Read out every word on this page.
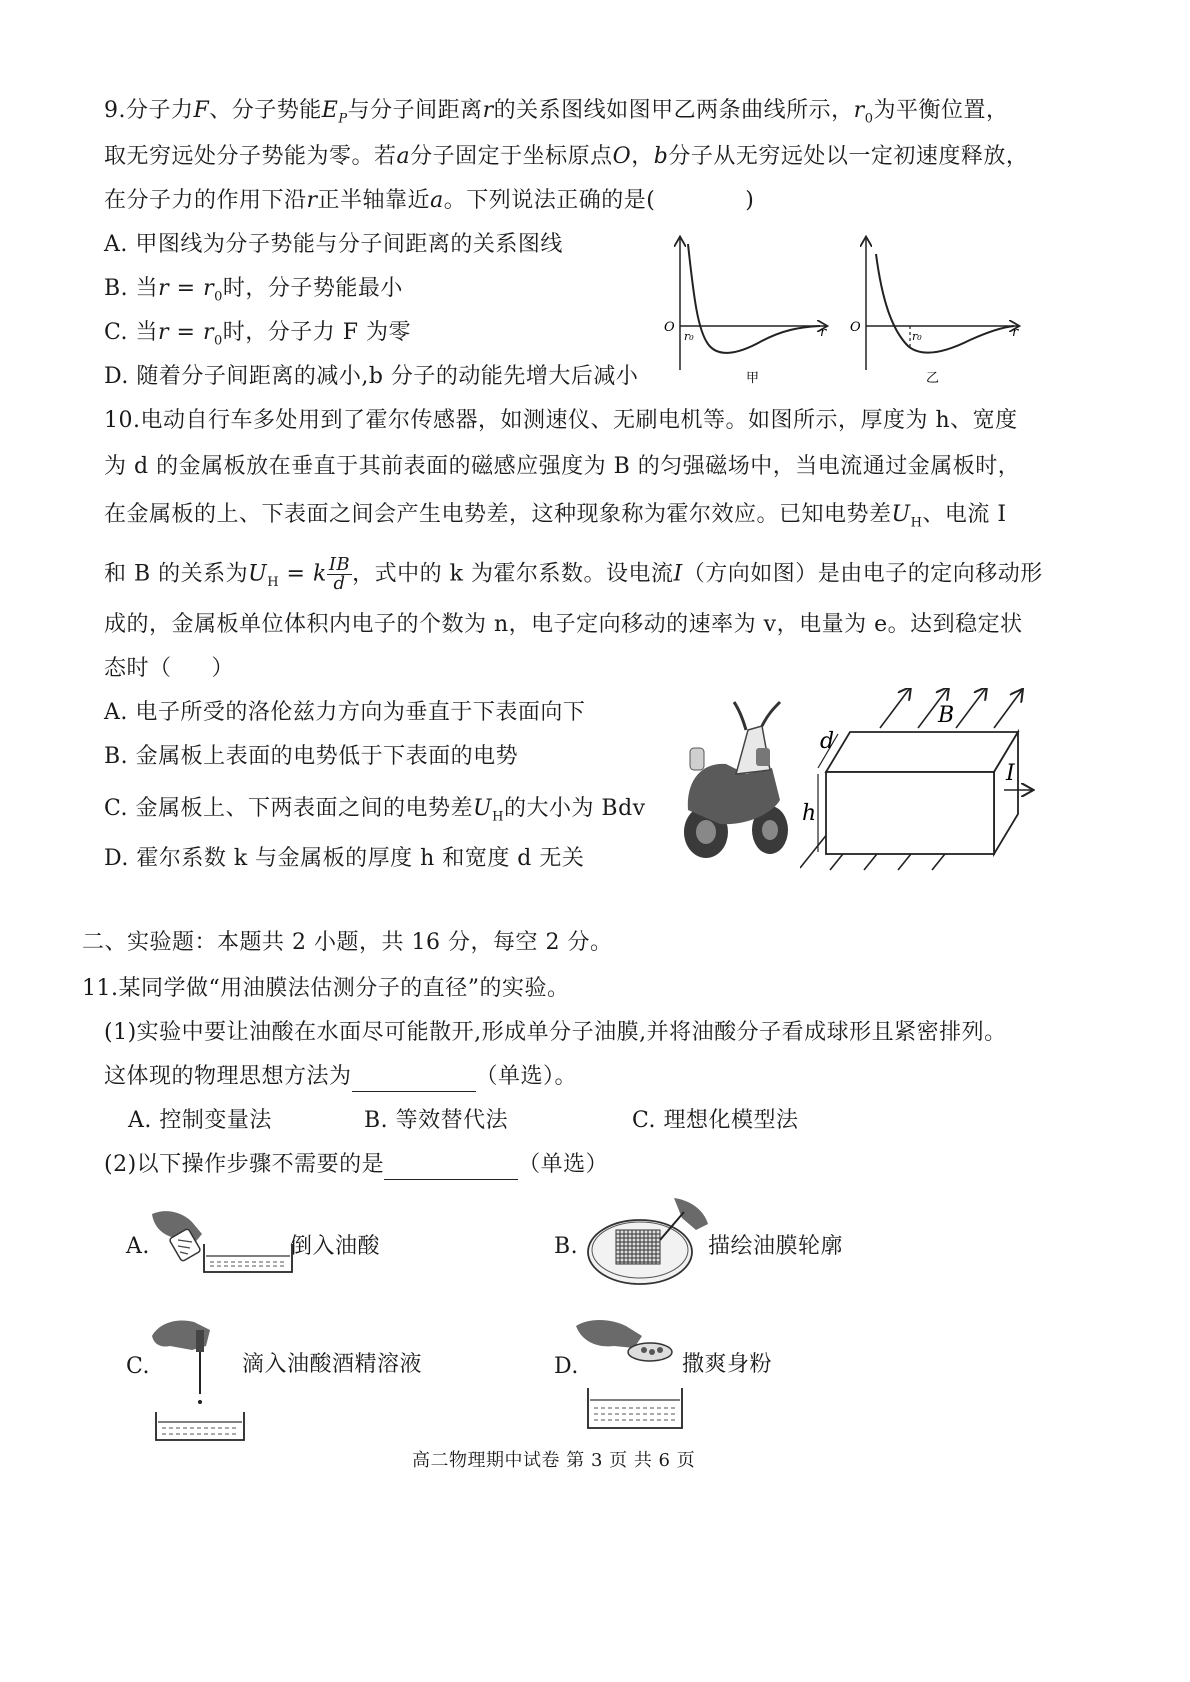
9.分子力F、分子势能$E_P$与分子间距离r的关系图线如图甲乙两条曲线所示，$r_0$为平衡位置，
取无穷远处分子势能为零。若a分子固定于坐标原点O，b分子从无穷远处以一定初速度释放，
在分子力的作用下沿r正半轴靠近a。下列说法正确的是(	)
A. 甲图线为分子势能与分子间距离的关系图线
B. 当$r = r_0$时，分子势能最小
C. 当$r = r_0$时，分子力 F 为零
D. 随着分子间距离的减小,b 分子的动能先增大后减小
O	r
r₀
甲
O	r
r₀
乙
10.电动自行车多处用到了霍尔传感器，如测速仪、无刷电机等。如图所示，厚度为 h、宽度
为 d 的金属板放在垂直于其前表面的磁感应强度为 B 的匀强磁场中，当电流通过金属板时，
在金属板的上、下表面之间会产生电势差，这种现象称为霍尔效应。已知电势差$U_H$、电流 I
和 B 的关系为$U_H = k \frac{IB}{d}$ ，式中的 k 为霍尔系数。设电流I（方向如图）是由电子的定向移动形
成的，金属板单位体积内电子的个数为 n，电子定向移动的速率为 v，电量为 e。达到稳定状
态时（ ）
A. 电子所受的洛伦兹力方向为垂直于下表面向下
B. 金属板上表面的电势低于下表面的电势
C. 金属板上、下两表面之间的电势差$U_H$的大小为 Bdv
D. 霍尔系数 k 与金属板的厚度 h 和宽度 d 无关
d
h
B
I
二、实验题：本题共 2 小题，共 16 分，每空 2 分。
11.某同学做“用油膜法估测分子的直径”的实验。
(1)实验中要让油酸在水面尽可能散开,形成单分子油膜,并将油酸分子看成球形且紧密排列。
这体现的物理思想方法为	（单选）。
A. 控制变量法	B. 等效替代法	C. 理想化模型法
(2)以下操作步骤不需要的是	（单选）
A.	倒入油酸	B.	描绘油膜轮廓
C.	滴入油酸酒精溶液	D.	撒爽身粉
高二物理期中试卷 第 3 页 共 6 页
